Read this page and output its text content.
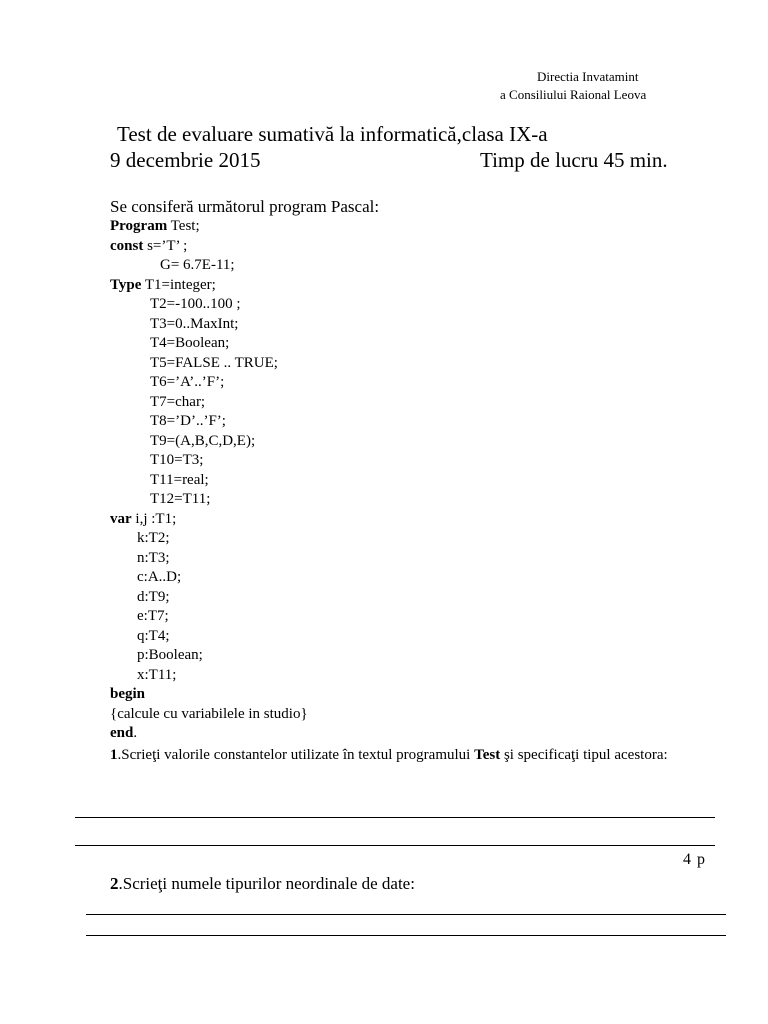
Directia Invatamint
a Consiliului Raional Leova
Test de evaluare sumativă la informatică,clasa IX-a
9 decembrie 2015	Timp de lucru 45 min.
Se consiferă următorul program Pascal:
Program Test;
const s=’T’ ;
G= 6.7E-11;
Type T1=integer;
T2=-100..100 ;
T3=0..MaxInt;
T4=Boolean;
T5=FALSE .. TRUE;
T6=’A’..’F’;
T7=char;
T8=’D’..’F’;
T9=(A,B,C,D,E);
T10=T3;
T11=real;
T12=T11;
var i,j :T1;
k:T2;
n:T3;
c:A..D;
d:T9;
e:T7;
q:T4;
p:Boolean;
x:T11;
begin
{calcule cu variabilele in studio}
end.
1.Scrieţi valorile constantelor utilizate în textul programului Test şi specificaţi tipul acestora:
4 p
2.Scrieţi numele tipurilor neordinale de date:
